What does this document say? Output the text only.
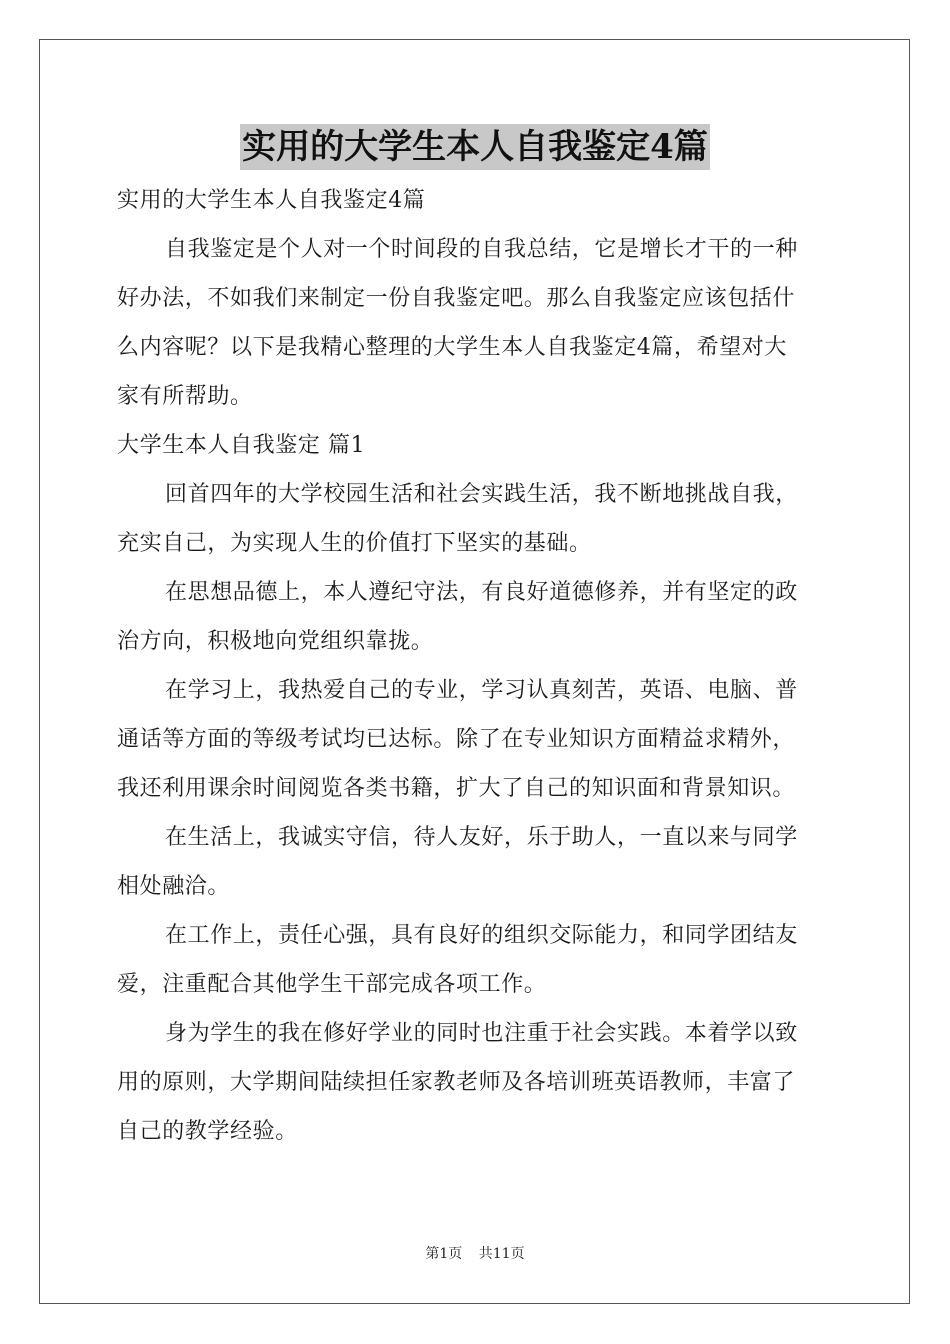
实用的大学生本人自我鉴定4篇
实用的大学生本人自我鉴定4篇
自我鉴定是个人对一个时间段的自我总结，它是增长才干的一种
好办法，不如我们来制定一份自我鉴定吧。那么自我鉴定应该包括什
么内容呢？以下是我精心整理的大学生本人自我鉴定4篇，希望对大
家有所帮助。
大学生本人自我鉴定 篇1
回首四年的大学校园生活和社会实践生活，我不断地挑战自我，
充实自己，为实现人生的价值打下坚实的基础。
在思想品德上，本人遵纪守法，有良好道德修养，并有坚定的政
治方向，积极地向党组织靠拢。
在学习上，我热爱自己的专业，学习认真刻苦，英语、电脑、普
通话等方面的等级考试均已达标。除了在专业知识方面精益求精外，
我还利用课余时间阅览各类书籍，扩大了自己的知识面和背景知识。
在生活上，我诚实守信，待人友好，乐于助人，一直以来与同学
相处融洽。
在工作上，责任心强，具有良好的组织交际能力，和同学团结友
爱，注重配合其他学生干部完成各项工作。
身为学生的我在修好学业的同时也注重于社会实践。本着学以致
用的原则，大学期间陆续担任家教老师及各培训班英语教师，丰富了
自己的教学经验。
第1页 共11页
